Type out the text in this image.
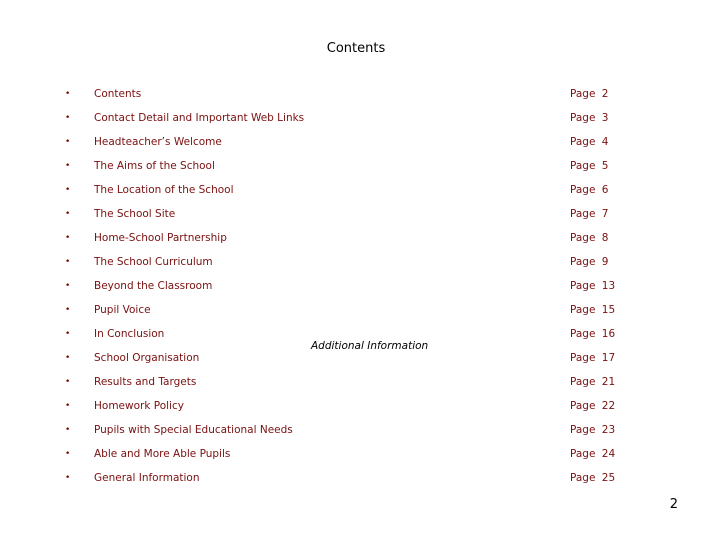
Contents
• Contents	Page 2
• Contact Detail and Important Web Links	Page 3
• Headteacher’s Welcome	Page 4
• The Aims of the School	Page 5
• The Location of the School	Page 6
• The School Site	Page 7
• Home-School Partnership	Page 8
• The School Curriculum	Page 9
• Beyond the Classroom	Page 13
• Pupil Voice	Page 15
• In Conclusion	Page 16
• School Organisation	Page 17
• Results and Targets	Page 21
• Homework Policy	Page 22
• Pupils with Special Educational Needs	Page 23
• Able and More Able Pupils	Page 24
• General Information	Page 25
Additional Information
2
